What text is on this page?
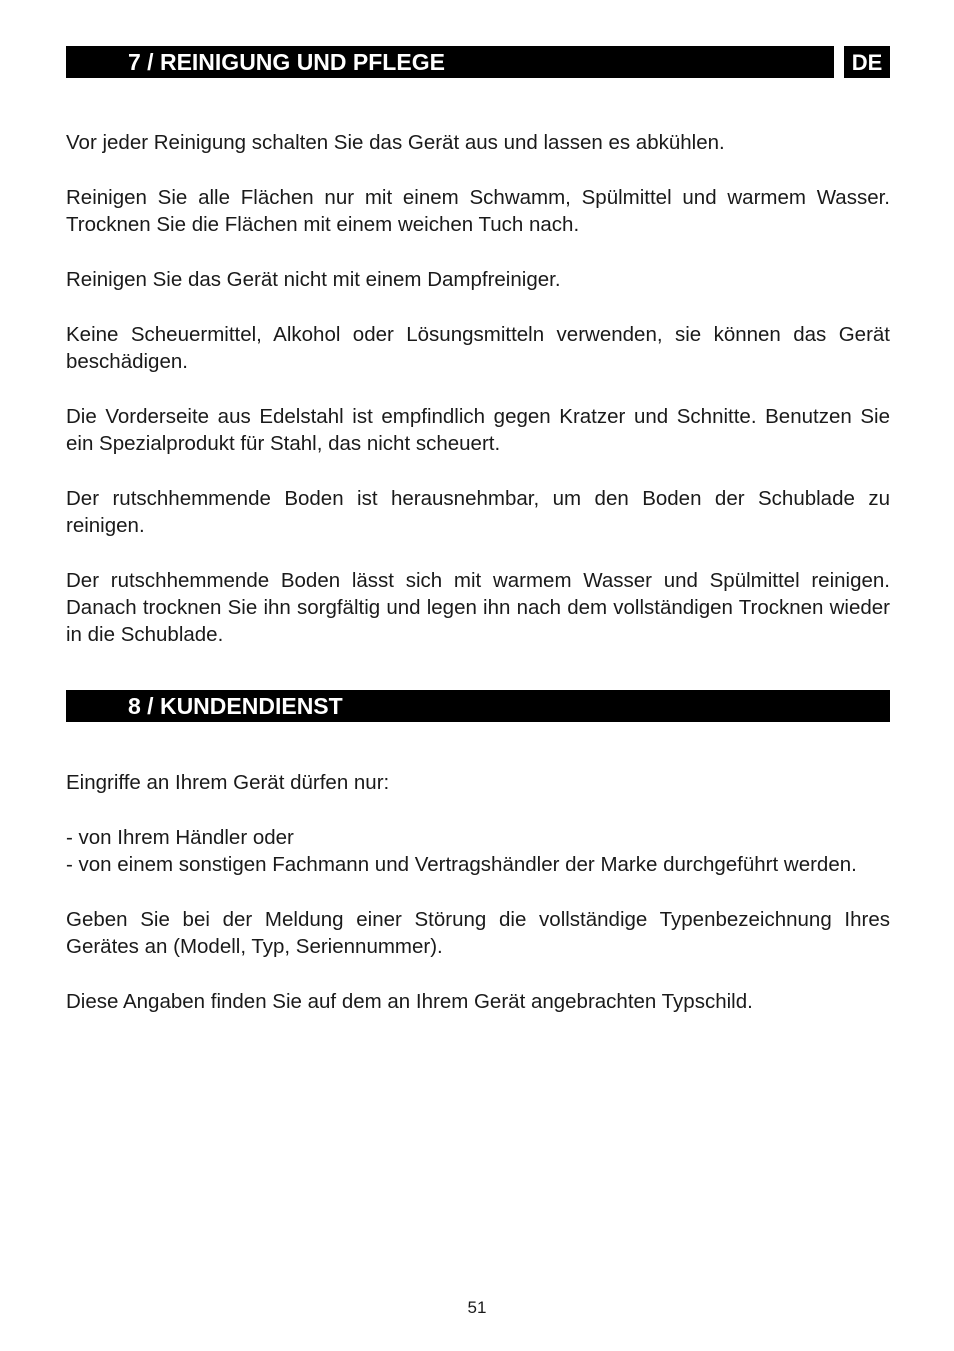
7 / REINIGUNG UND PFLEGE	DE

Vor jeder Reinigung schalten Sie das Gerät aus und lassen es abkühlen.

Reinigen Sie alle Flächen nur mit einem Schwamm, Spülmittel und warmem Wasser. Trocknen Sie die Flächen mit einem weichen Tuch nach.

Reinigen Sie das Gerät nicht mit einem Dampfreiniger.

Keine Scheuermittel, Alkohol oder Lösungsmitteln verwenden, sie können das Gerät beschädigen.

Die Vorderseite aus Edelstahl ist empfindlich gegen Kratzer und Schnitte. Benutzen Sie ein Spezialprodukt für Stahl, das nicht scheuert.

Der rutschhemmende Boden ist herausnehmbar, um den Boden der Schublade zu reinigen.

Der rutschhemmende Boden lässt sich mit warmem Wasser und Spülmittel reinigen. Danach trocknen Sie ihn sorgfältig und legen ihn nach dem vollständigen Trocknen wieder in die Schublade.

8 / KUNDENDIENST

Eingriffe an Ihrem Gerät dürfen nur:

- von Ihrem Händler oder

- von einem sonstigen Fachmann und Vertragshändler der Marke durchgeführt werden.

Geben Sie bei der Meldung einer Störung die vollständige Typenbezeichnung Ihres Gerätes an (Modell, Typ, Seriennummer).

Diese Angaben finden Sie auf dem an Ihrem Gerät angebrachten Typschild.

51
